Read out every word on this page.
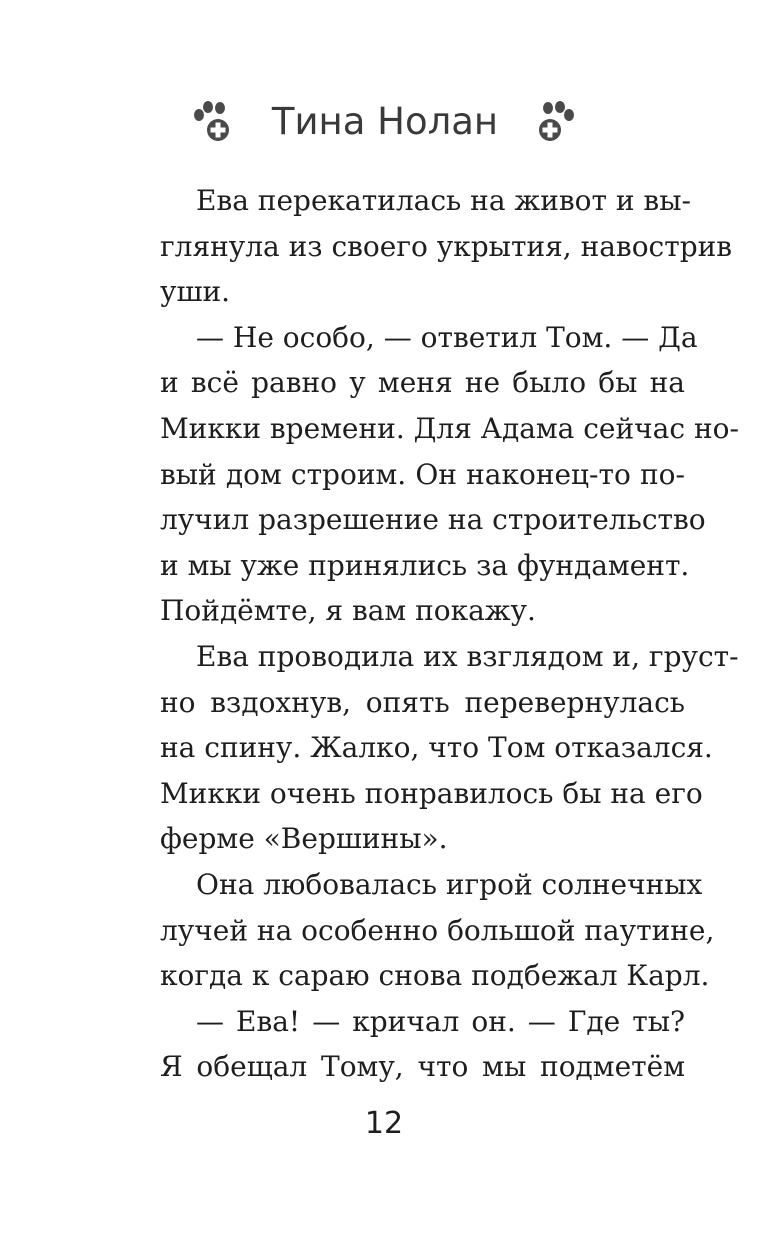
Тина Нолан
Ева перекатилась на живот и вы-
глянула из своего укрытия, навострив
уши.
— Не особо, — ответил Том. — Да
и всё равно у меня не было бы на
Микки времени. Для Адама сейчас но-
вый дом строим. Он наконец-то по-
лучил разрешение на строительство
и мы уже принялись за фундамент.
Пойдёмте, я вам покажу.
Ева проводила их взглядом и, груст-
но вздохнув, опять перевернулась
на спину. Жалко, что Том отказался.
Микки очень понравилось бы на его
ферме «Вершины».
Она любовалась игрой солнечных
лучей на особенно большой паутине,
когда к сараю снова подбежал Карл.
— Ева! — кричал он. — Где ты?
Я обещал Тому, что мы подметём
12
